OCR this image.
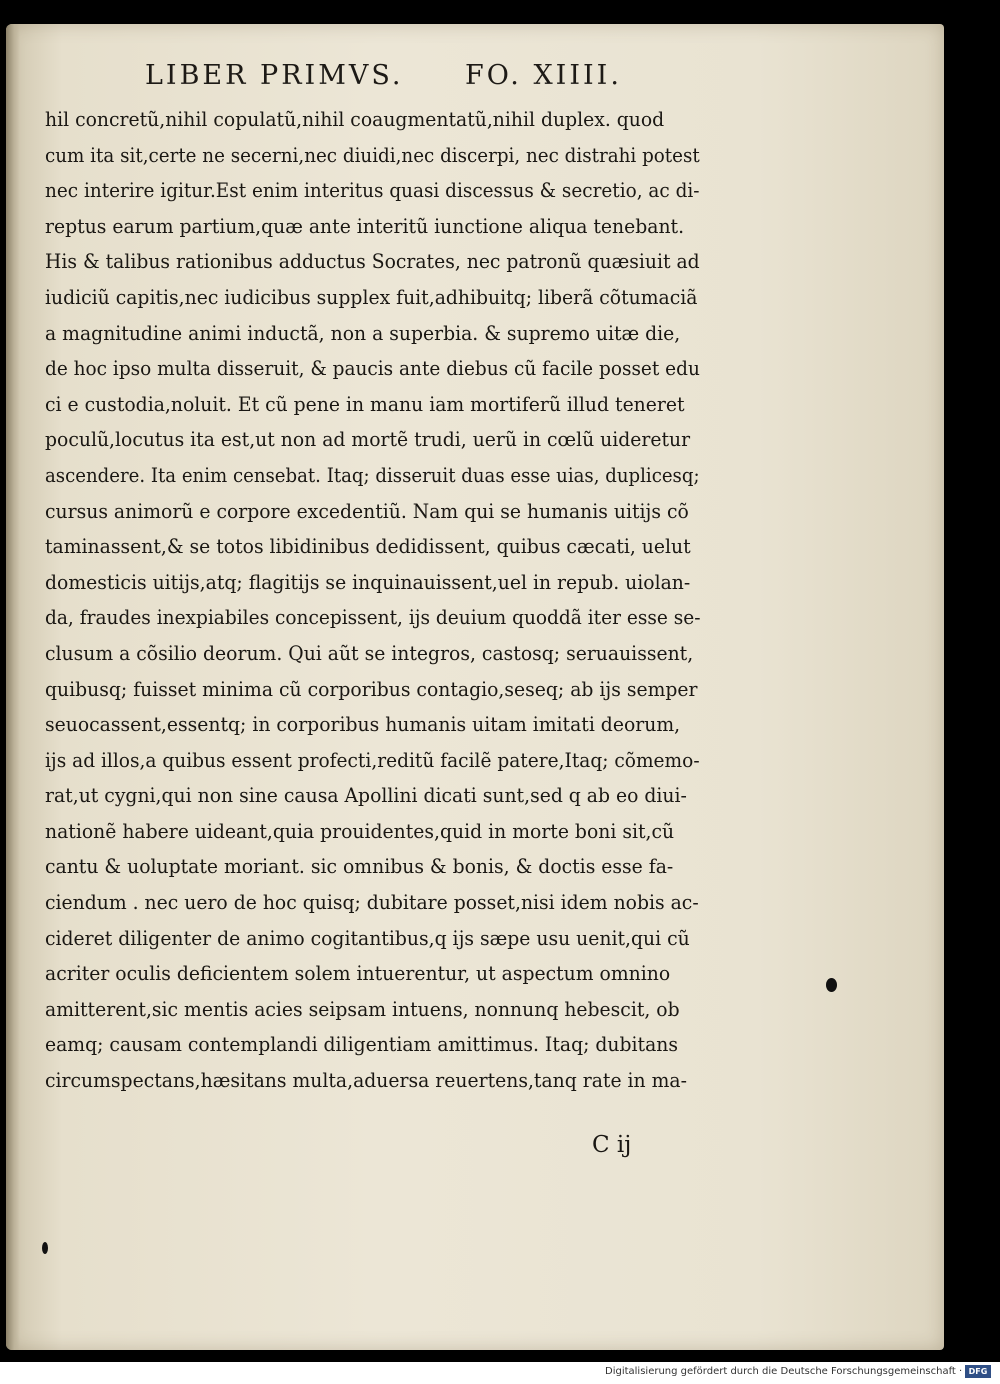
LIBER PRIMVS. FO. XIIII.
hil concretũ,nihil copulatũ,nihil coaugmentatũ,nihil duplex. quod
cum ita sit,certe ne secerni,nec diuidi,nec discerpi, nec distrahi potest
nec interire igitur.Est enim interitus quasi discessus & secretio, ac di-
reptus earum partium,quæ ante interitũ iunctione aliqua tenebant.
His & talibus rationibus adductus Socrates, nec patronũ quæsiuit ad
iudiciũ capitis,nec iudicibus supplex fuit,adhibuitq; liberã cõtumaciã
a magnitudine animi inductã, non a superbia. & supremo uitæ die,
de hoc ipso multa disseruit, & paucis ante diebus cũ facile posset edu
ci e custodia,noluit. Et cũ pene in manu iam mortiferũ illud teneret
poculũ,locutus ita est,ut non ad mortẽ trudi, uerũ in cœlũ uideretur
ascendere. Ita enim censebat. Itaq; disseruit duas esse uias, duplicesq;
cursus animorũ e corpore excedentiũ. Nam qui se humanis uitijs cõ
taminassent,& se totos libidinibus dedidissent, quibus cæcati, uelut
domesticis uitijs,atq; flagitijs se inquinauissent,uel in repub. uiolan-
da, fraudes inexpiabiles concepissent, ijs deuium quoddã iter esse se-
clusum a cõsilio deorum. Qui aũt se integros, castosq; seruauissent,
quibusq; fuisset minima cũ corporibus contagio,seseq; ab ijs semper
seuocassent,essentq; in corporibus humanis uitam imitati deorum,
ijs ad illos,a quibus essent profecti,reditũ facilẽ patere,Itaq; cõmemo-
rat,ut cygni,qui non sine causa Apollini dicati sunt,sed q ab eo diui-
nationẽ habere uideant,quia prouidentes,quid in morte boni sit,cũ
cantu & uoluptate moriant. sic omnibus & bonis, & doctis esse fa-
ciendum . nec uero de hoc quisq; dubitare posset,nisi idem nobis ac-
cideret diligenter de animo cogitantibus,q ijs sæpe usu uenit,qui cũ
acriter oculis deficientem solem intuerentur, ut aspectum omnino
amitterent,sic mentis acies seipsam intuens, nonnunq hebescit, ob
eamq; causam contemplandi diligentiam amittimus. Itaq; dubitans
circumspectans,hæsitans multa,aduersa reuertens,tanq rate in ma-
C ij
Digitalisierung gefördert durch die Deutsche Forschungsgemeinschaft · DFG
